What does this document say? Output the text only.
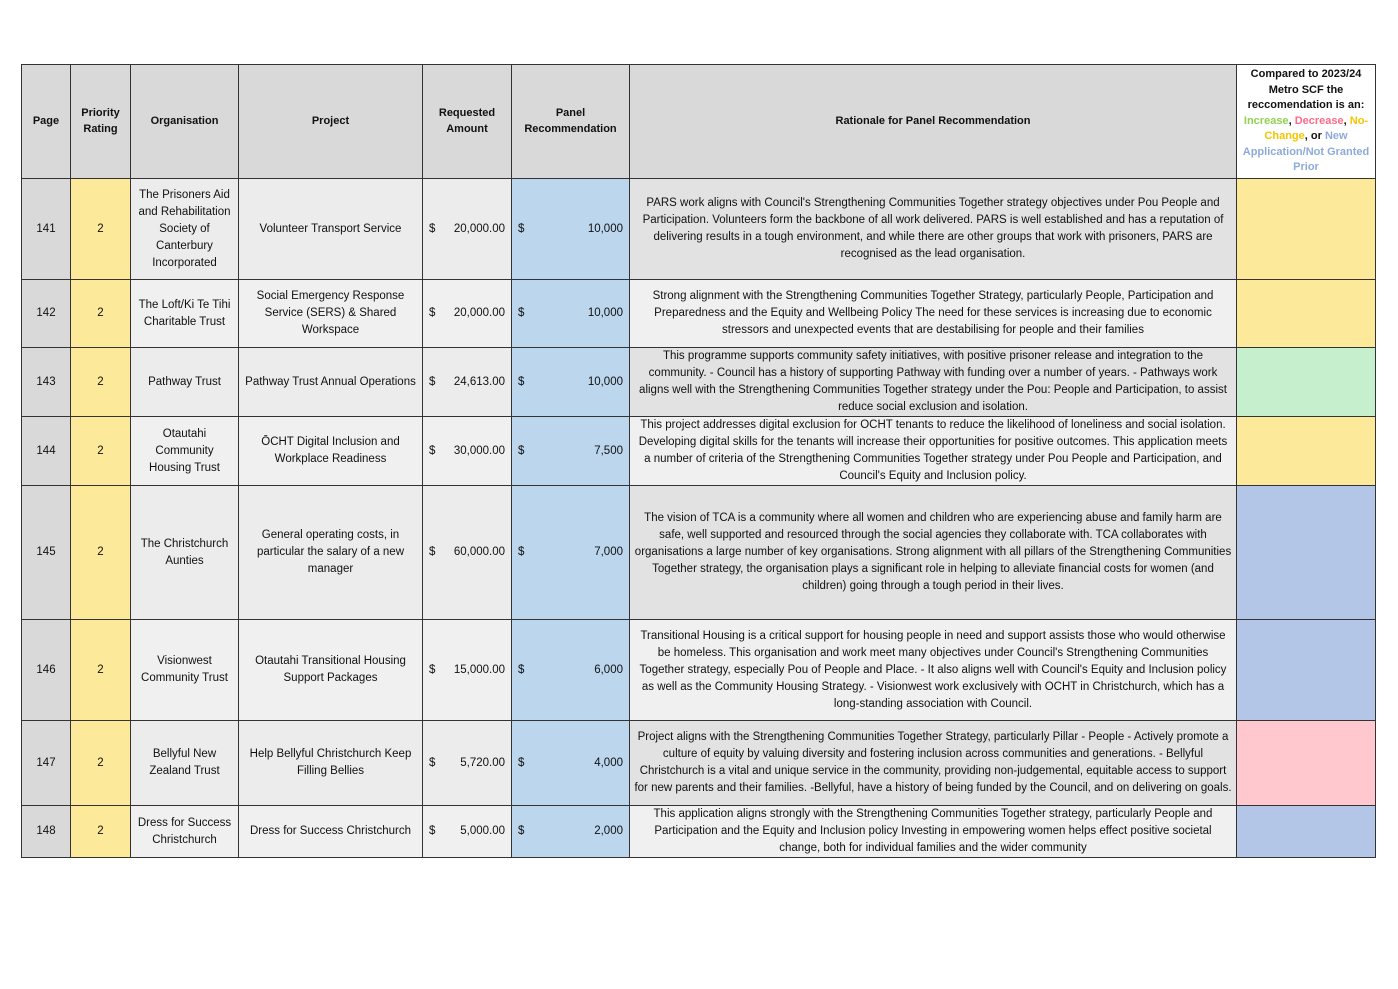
Page	Priority Rating	Organisation	Project	Requested Amount	Panel Recommendation	Rationale for Panel Recommendation	Compared to 2023/24 Metro SCF the reccomendation is an: Increase, Decrease, No-Change, or New Application/Not Granted Prior
141	2	The Prisoners Aid and Rehabilitation Society of Canterbury Incorporated	Volunteer Transport Service	$ 20,000.00	$ 10,000	PARS work aligns with Council's Strengthening Communities Together strategy objectives under Pou People and Participation. Volunteers form the backbone of all work delivered. PARS is well established and has a reputation of delivering results in a tough environment, and while there are other groups that work with prisoners, PARS are recognised as the lead organisation.	
142	2	The Loft/Ki Te Tihi Charitable Trust	Social Emergency Response Service (SERS) & Shared Workspace	$ 20,000.00	$ 10,000	Strong alignment with the Strengthening Communities Together Strategy, particularly People, Participation and Preparedness and the Equity and Wellbeing Policy The need for these services is increasing due to economic stressors and unexpected events that are destabilising for people and their families	
143	2	Pathway Trust	Pathway Trust Annual Operations	$ 24,613.00	$ 10,000	This programme supports community safety initiatives, with positive prisoner release and integration to the community. - Council has a history of supporting Pathway with funding over a number of years. - Pathways work aligns well with the Strengthening Communities Together strategy under the Pou: People and Participation, to assist reduce social exclusion and isolation.	
144	2	Otautahi Community Housing Trust	ŌCHT Digital Inclusion and Workplace Readiness	$ 30,000.00	$ 7,500	This project addresses digital exclusion for OCHT tenants to reduce the likelihood of loneliness and social isolation. Developing digital skills for the tenants will increase their opportunities for positive outcomes. This application meets a number of criteria of the Strengthening Communities Together strategy under Pou People and Participation, and Council's Equity and Inclusion policy.	
145	2	The Christchurch Aunties	General operating costs, in particular the salary of a new manager	$ 60,000.00	$ 7,000	The vision of TCA is a community where all women and children who are experiencing abuse and family harm are safe, well supported and resourced through the social agencies they collaborate with. TCA collaborates with organisations a large number of key organisations. Strong alignment with all pillars of the Strengthening Communities Together strategy, the organisation plays a significant role in helping to alleviate financial costs for women (and children) going through a tough period in their lives.	
146	2	Visionwest Community Trust	Otautahi Transitional Housing Support Packages	$ 15,000.00	$ 6,000	Transitional Housing is a critical support for housing people in need and support assists those who would otherwise be homeless. This organisation and work meet many objectives under Council's Strengthening Communities Together strategy, especially Pou of People and Place. - It also aligns well with Council's Equity and Inclusion policy as well as the Community Housing Strategy. - Visionwest work exclusively with OCHT in Christchurch, which has a long-standing association with Council.	
147	2	Bellyful New Zealand Trust	Help Bellyful Christchurch Keep Filling Bellies	$ 5,720.00	$ 4,000	Project aligns with the Strengthening Communities Together Strategy, particularly Pillar - People - Actively promote a culture of equity by valuing diversity and fostering inclusion across communities and generations. - Bellyful Christchurch is a vital and unique service in the community, providing non-judgemental, equitable access to support for new parents and their families. -Bellyful, have a history of being funded by the Council, and on delivering on goals.	
148	2	Dress for Success Christchurch	Dress for Success Christchurch	$ 5,000.00	$ 2,000	This application aligns strongly with the Strengthening Communities Together strategy, particularly People and Participation and the Equity and Inclusion policy Investing in empowering women helps effect positive societal change, both for individual families and the wider community	
